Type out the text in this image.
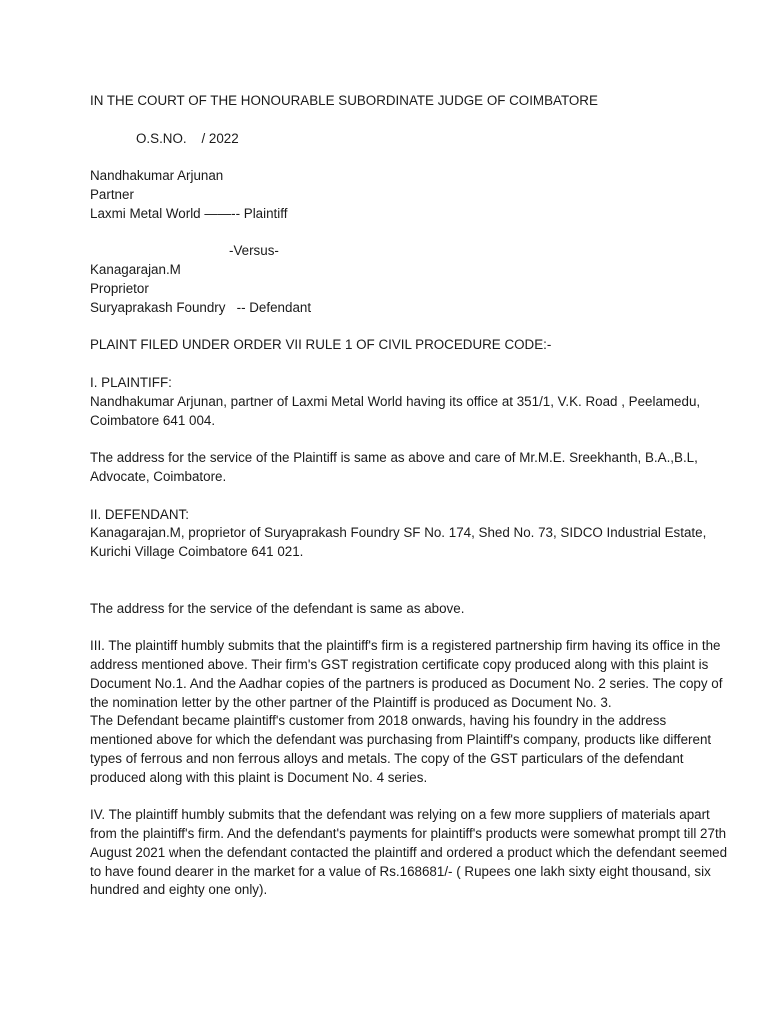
IN THE COURT OF THE HONOURABLE SUBORDINATE JUDGE OF COIMBATORE
O.S.NO.    / 2022
Nandhakumar Arjunan
Partner
Laxmi Metal World ——-- Plaintiff
-Versus-
Kanagarajan.M
Proprietor
Suryaprakash Foundry   -- Defendant
PLAINT FILED UNDER ORDER VII RULE 1 OF CIVIL PROCEDURE CODE:-
I. PLAINTIFF:
Nandhakumar Arjunan, partner of Laxmi Metal World having its office at 351/1, V.K. Road , Peelamedu, Coimbatore 641 004.
The address for the service of the Plaintiff is same as above and care of Mr.M.E. Sreekhanth, B.A.,B.L, Advocate, Coimbatore.
II. DEFENDANT:
Kanagarajan.M, proprietor of Suryaprakash Foundry SF No. 174, Shed No. 73, SIDCO Industrial Estate, Kurichi Village Coimbatore 641 021.
The address for the service of the defendant is same as above.
III. The plaintiff humbly submits that the plaintiff's firm is a registered partnership firm having its office in the address mentioned above. Their firm's GST registration certificate copy produced along with this plaint is Document No.1. And the Aadhar copies of the partners is produced as Document No. 2 series. The copy of the nomination letter by the other partner of the Plaintiff is produced as Document No. 3.
The Defendant became plaintiff's customer from 2018 onwards, having his foundry in the address mentioned above for which the defendant was purchasing from Plaintiff's company, products like different types of ferrous and non ferrous alloys and metals. The copy of the GST particulars of the defendant produced along with this plaint is Document No. 4 series.
IV. The plaintiff humbly submits that the defendant was relying on a few more suppliers of materials apart from the plaintiff's firm. And the defendant's payments for plaintiff's products were somewhat prompt till 27th August 2021 when the defendant contacted the plaintiff and ordered a product which the defendant seemed to have found dearer in the market for a value of Rs.168681/- ( Rupees one lakh sixty eight thousand, six hundred and eighty one only).
